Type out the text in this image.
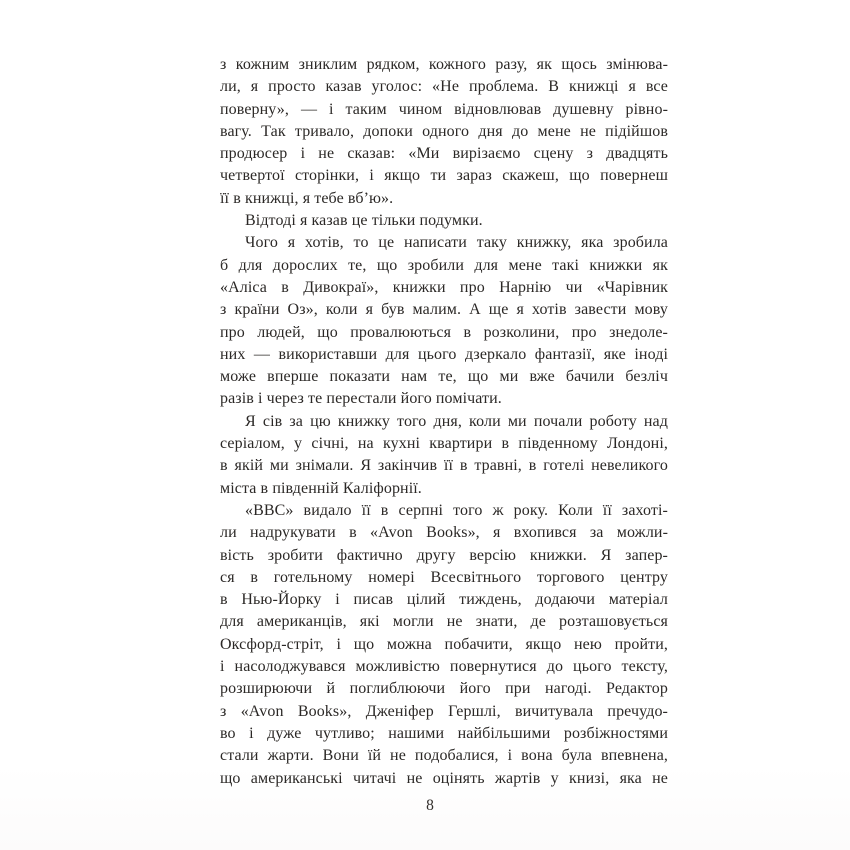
з кожним зниклим рядком, кожного разу, як щось змінюва-
ли, я просто казав уголос: «Не проблема. В книжці я все
поверну», — і таким чином відновлював душевну рівно-
вагу. Так тривало, допоки одного дня до мене не підійшов
продюсер і не сказав: «Ми вирізаємо сцену з двадцять
четвертої сторінки, і якщо ти зараз скажеш, що повернеш
її в книжці, я тебе вб’ю».
Відтоді я казав це тільки подумки.
Чого я хотів, то це написати таку книжку, яка зробила
б для дорослих те, що зробили для мене такі книжки як
«Аліса в Дивокраї», книжки про Нарнію чи «Чарівник
з країни Оз», коли я був малим. А ще я хотів завести мову
про людей, що провалюються в розколини, про знедоле-
них — використавши для цього дзеркало фантазії, яке іноді
може вперше показати нам те, що ми вже бачили безліч
разів і через те перестали його помічати.
Я сів за цю книжку того дня, коли ми почали роботу над
серіалом, у січні, на кухні квартири в південному Лондоні,
в якій ми знімали. Я закінчив її в травні, в готелі невеликого
міста в південній Каліфорнії.
«ВВС» видало її в серпні того ж року. Коли її захоті-
ли надрукувати в «Avon Books», я вхопився за можли-
вість зробити фактично другу версію книжки. Я запер-
ся в готельному номері Всесвітнього торгового центру
в Нью-Йорку і писав цілий тиждень, додаючи матеріал
для американців, які могли не знати, де розташовується
Оксфорд-стріт, і що можна побачити, якщо нею пройти,
і насолоджувався можливістю повернутися до цього тексту,
розширюючи й поглиблюючи його при нагоді. Редактор
з «Avon Books», Дженіфер Гершлі, вичитувала пречудо-
во і дуже чутливо; нашими найбільшими розбіжностями
стали жарти. Вони їй не подобалися, і вона була впевнена,
що американські читачі не оцінять жартів у книзі, яка не
8
